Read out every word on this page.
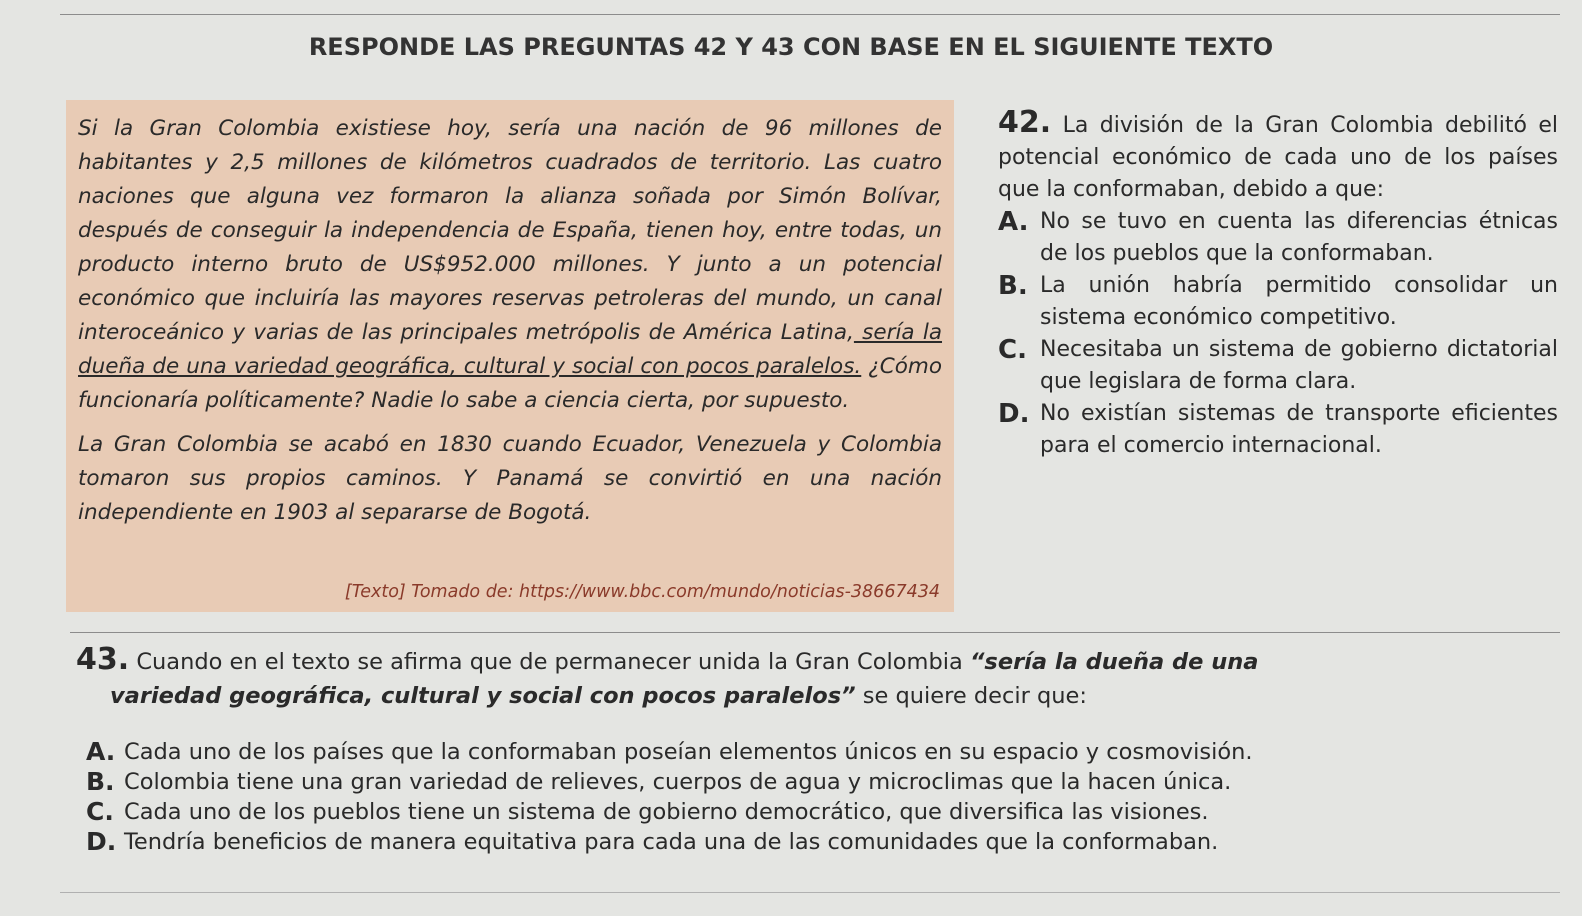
RESPONDE LAS PREGUNTAS 42 Y 43 CON BASE EN EL SIGUIENTE TEXTO

Si la Gran Colombia existiese hoy, sería una nación de 96 millones de habitantes y 2,5 millones de kilómetros cuadrados de territorio. Las cuatro naciones que alguna vez formaron la alianza soñada por Simón Bolívar, después de conseguir la independencia de España, tienen hoy, entre todas, un producto interno bruto de US$952.000 millones. Y junto a un potencial económico que incluiría las mayores reservas petroleras del mundo, un canal interoceánico y varias de las principales metrópolis de América Latina, sería la dueña de una variedad geográfica, cultural y social con pocos paralelos. ¿Cómo funcionaría políticamente? Nadie lo sabe a ciencia cierta, por supuesto.

La Gran Colombia se acabó en 1830 cuando Ecuador, Venezuela y Colombia tomaron sus propios caminos. Y Panamá se convirtió en una nación independiente en 1903 al separarse de Bogotá.

[Texto] Tomado de: https://www.bbc.com/mundo/noticias-38667434
42. La división de la Gran Colombia debilitó el potencial económico de cada uno de los países que la conformaban, debido a que:
A. No se tuvo en cuenta las diferencias étnicas de los pueblos que la conformaban.
B. La unión habría permitido consolidar un sistema económico competitivo.
C. Necesitaba un sistema de gobierno dictatorial que legislara de forma clara.
D. No existían sistemas de transporte eficientes para el comercio internacional.
43. Cuando en el texto se afirma que de permanecer unida la Gran Colombia “sería la dueña de una
variedad geográfica, cultural y social con pocos paralelos” se quiere decir que:
A. Cada uno de los países que la conformaban poseían elementos únicos en su espacio y cosmovisión.
B. Colombia tiene una gran variedad de relieves, cuerpos de agua y microclimas que la hacen única.
C. Cada uno de los pueblos tiene un sistema de gobierno democrático, que diversifica las visiones.
D. Tendría beneficios de manera equitativa para cada una de las comunidades que la conformaban.
